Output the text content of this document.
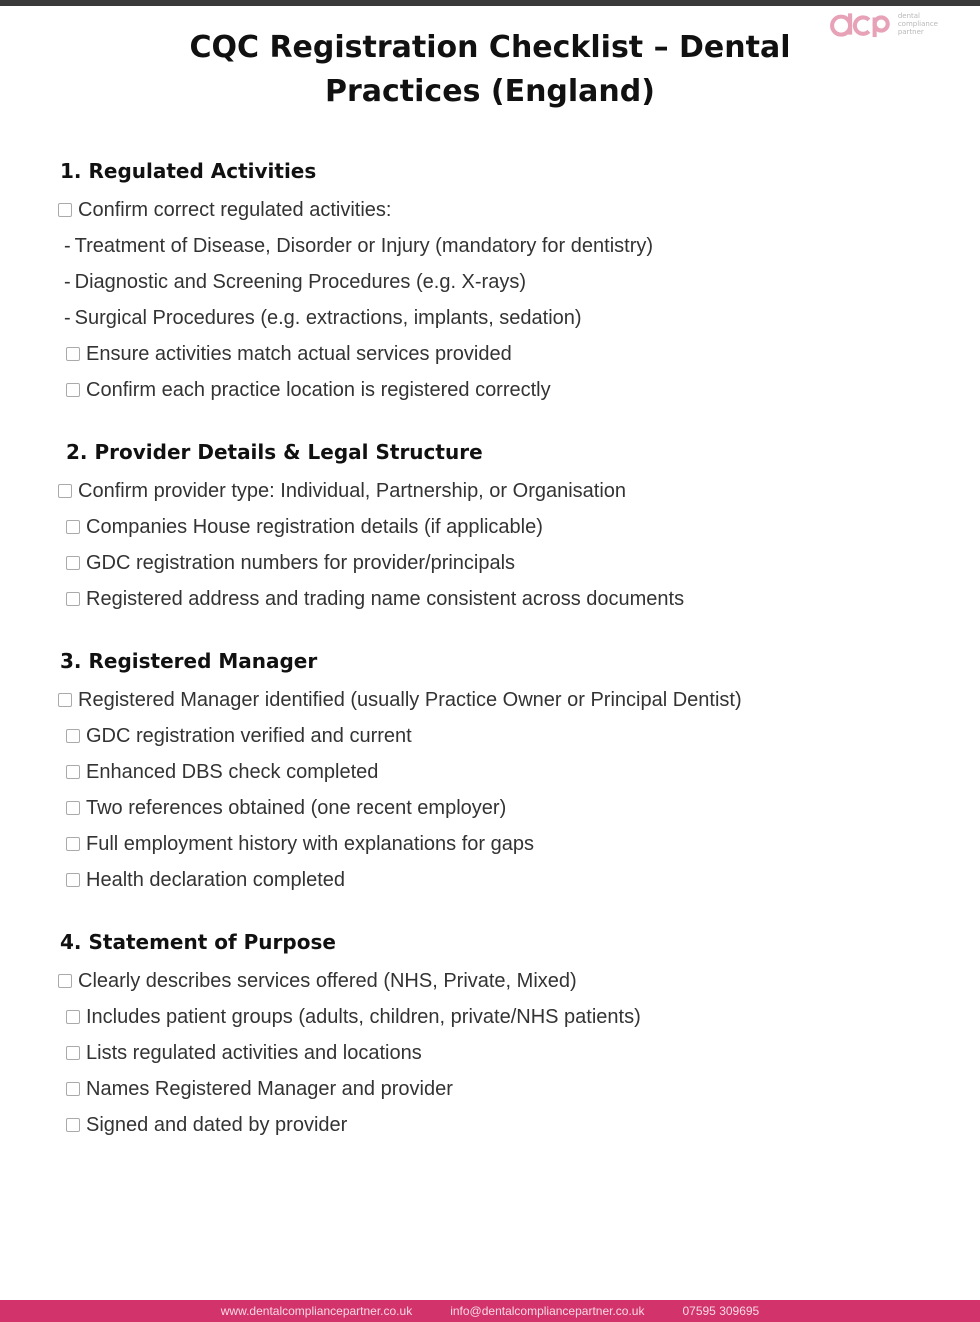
dental
compliance
partner
CQC Registration Checklist – Dental Practices (England)
1. Regulated Activities
Confirm correct regulated activities:
- Treatment of Disease, Disorder or Injury (mandatory for dentistry)
- Diagnostic and Screening Procedures (e.g. X-rays)
- Surgical Procedures (e.g. extractions, implants, sedation)
Ensure activities match actual services provided
Confirm each practice location is registered correctly
2. Provider Details & Legal Structure
Confirm provider type: Individual, Partnership, or Organisation
Companies House registration details (if applicable)
GDC registration numbers for provider/principals
Registered address and trading name consistent across documents
3. Registered Manager
Registered Manager identified (usually Practice Owner or Principal Dentist)
GDC registration verified and current
Enhanced DBS check completed
Two references obtained (one recent employer)
Full employment history with explanations for gaps
Health declaration completed
4. Statement of Purpose
Clearly describes services offered (NHS, Private, Mixed)
Includes patient groups (adults, children, private/NHS patients)
Lists regulated activities and locations
Names Registered Manager and provider
Signed and dated by provider
www.dentalcompliancepartner.co.uk	info@dentalcompliancepartner.co.uk	07595 309695
